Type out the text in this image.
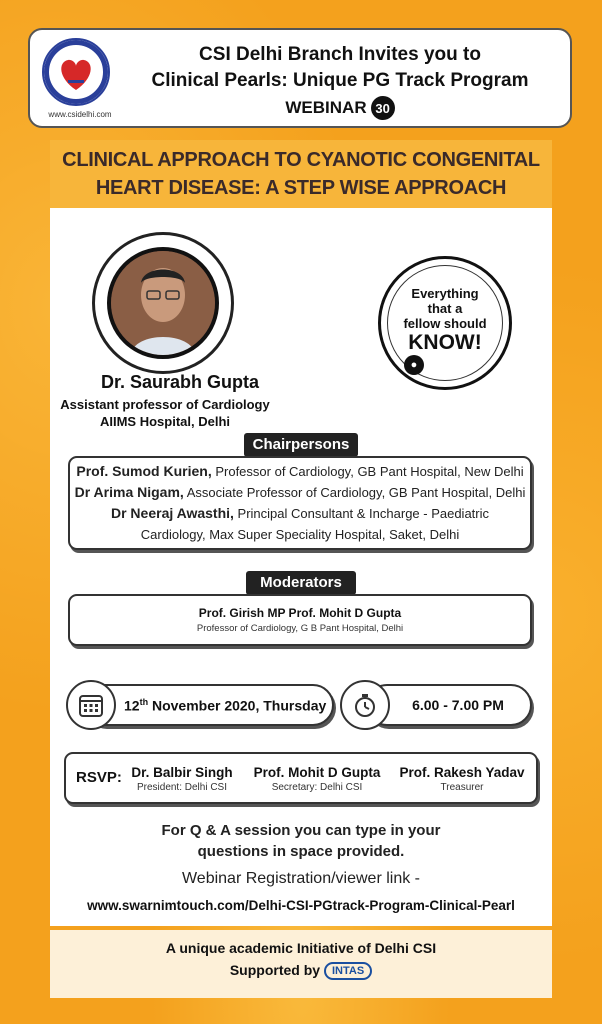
www.csidelhi.com
CSI Delhi Branch Invites you to
Clinical Pearls: Unique PG Track Program
WEBINAR 30
CLINICAL APPROACH TO CYANOTIC CONGENITAL
HEART DISEASE: A STEP WISE APPROACH
Dr. Saurabh Gupta
Assistant professor of Cardiology
AIIMS Hospital, Delhi
Everything
that a
fellow should
KNOW!
●
Chairpersons
Prof. Sumod Kurien, Professor of Cardiology, GB Pant Hospital, New Delhi
Dr Arima Nigam, Associate Professor of Cardiology, GB Pant Hospital, Delhi
Dr Neeraj Awasthi, Principal Consultant & Incharge - Paediatric
Cardiology, Max Super Speciality Hospital, Saket, Delhi
Moderators
Prof. Girish MP Prof. Mohit D Gupta
Professor of Cardiology, G B Pant Hospital, Delhi
12th November 2020, Thursday	6.00 - 7.00 PM
RSVP: Dr. Balbir Singh
President: Delhi CSI
Prof. Mohit D Gupta
Secretary: Delhi CSI
Prof. Rakesh Yadav
Treasurer
For Q & A session you can type in your
questions in space provided.
Webinar Registration/viewer link -
www.swarnimtouch.com/Delhi-CSI-PGtrack-Program-Clinical-Pearl
A unique academic Initiative of Delhi CSI
Supported by INTAS
